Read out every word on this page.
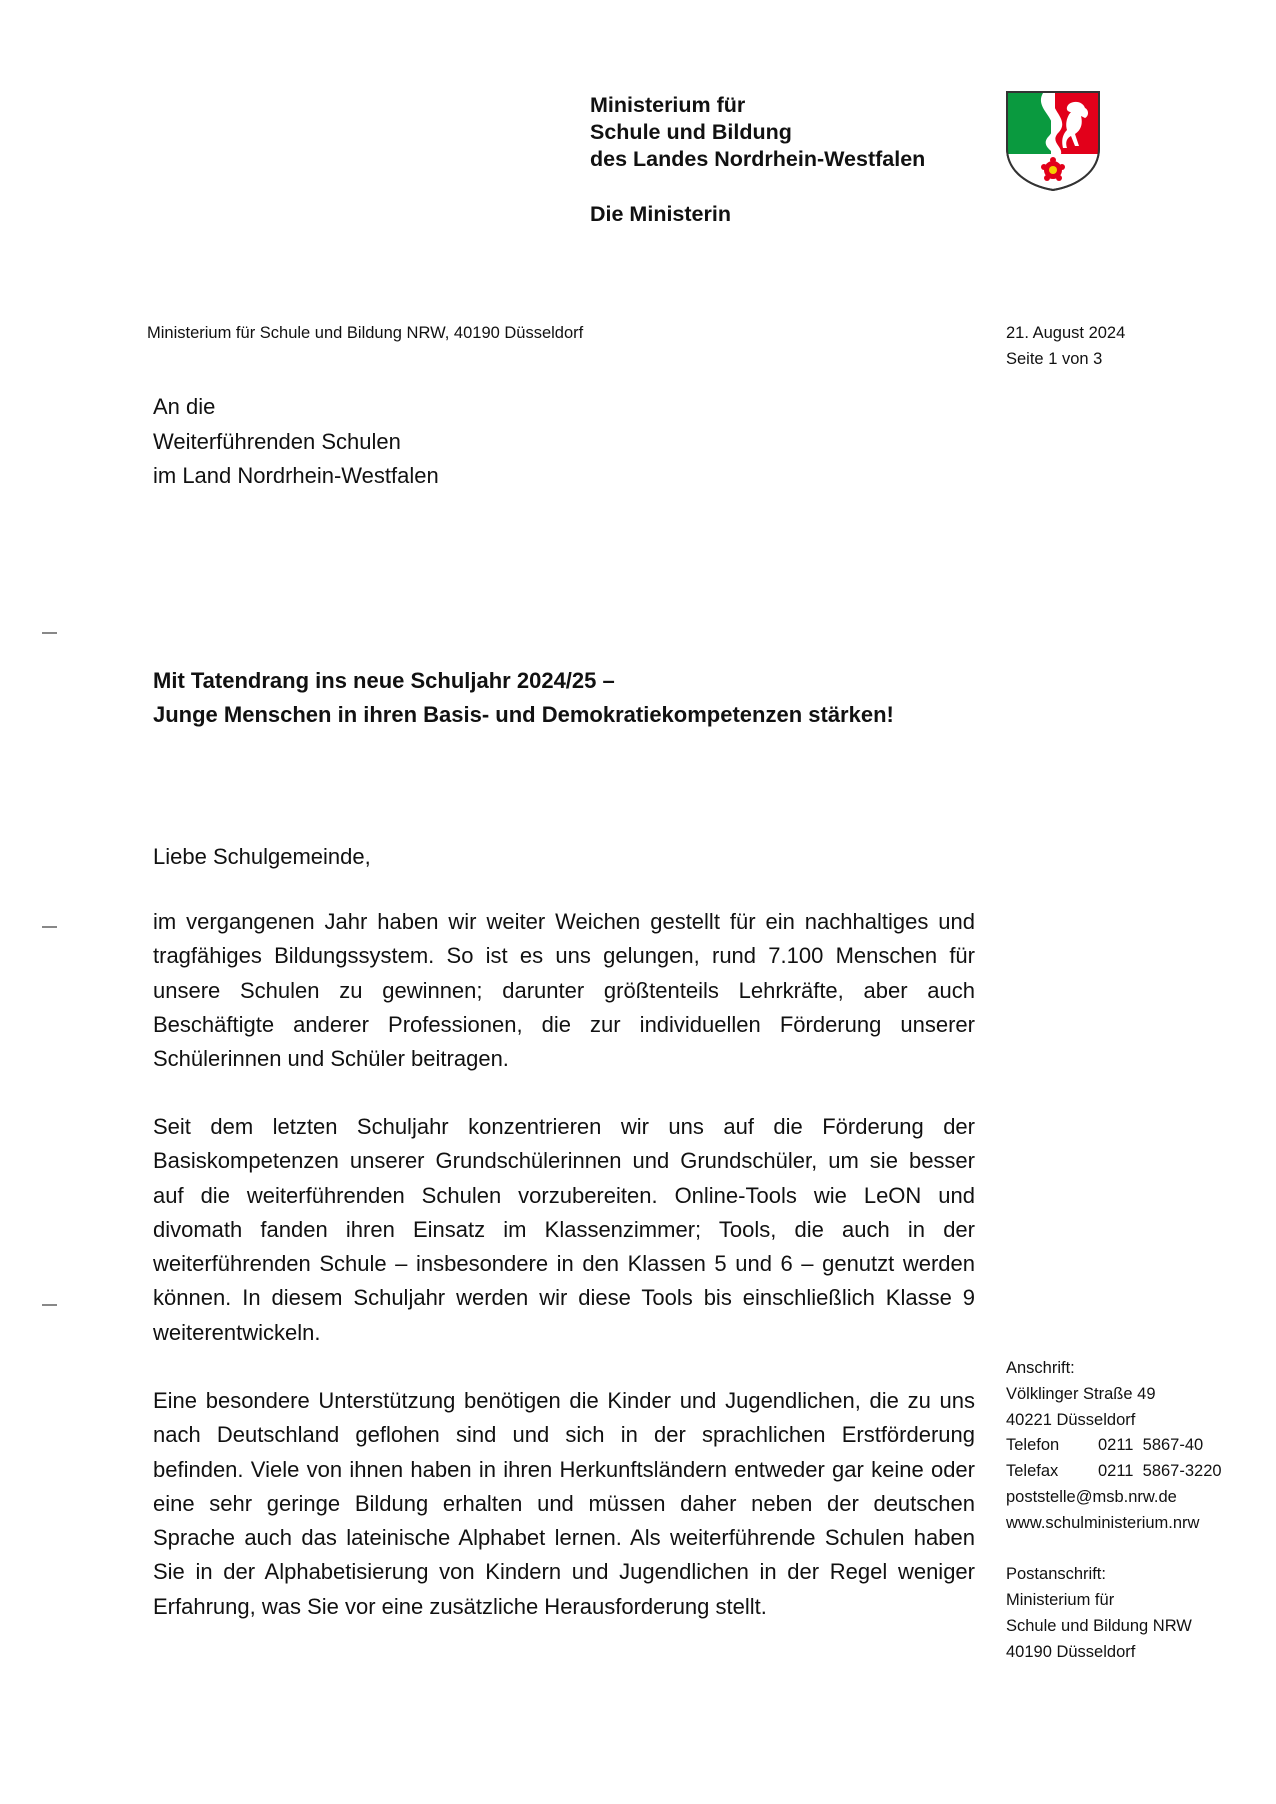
Ministerium für
Schule und Bildung
des Landes Nordrhein-Westfalen
Die Ministerin
Ministerium für Schule und Bildung NRW, 40190 Düsseldorf	21. August 2024
Seite 1 von 3
An die
Weiterführenden Schulen
im Land Nordrhein-Westfalen
Mit Tatendrang ins neue Schuljahr 2024/25 –
Junge Menschen in ihren Basis- und Demokratiekompetenzen stärken!
Liebe Schulgemeinde,
im vergangenen Jahr haben wir weiter Weichen gestellt für ein nachhaltiges und tragfähiges Bildungssystem. So ist es uns gelungen, rund 7.100 Menschen für unsere Schulen zu gewinnen; darunter größtenteils Lehrkräfte, aber auch Beschäftigte anderer Professionen, die zur individuellen Förderung unserer Schülerinnen und Schüler beitragen.
Seit dem letzten Schuljahr konzentrieren wir uns auf die Förderung der Basiskompetenzen unserer Grundschülerinnen und Grundschüler, um sie besser auf die weiterführenden Schulen vorzubereiten. Online-Tools wie LeON und divomath fanden ihren Einsatz im Klassenzimmer; Tools, die auch in der weiterführenden Schule – insbesondere in den Klassen 5 und 6 – genutzt werden können. In diesem Schuljahr werden wir diese Tools bis einschließlich Klasse 9 weiterentwickeln.
Eine besondere Unterstützung benötigen die Kinder und Jugendlichen, die zu uns nach Deutschland geflohen sind und sich in der sprachlichen Erstförderung befinden. Viele von ihnen haben in ihren Herkunftsländern entweder gar keine oder eine sehr geringe Bildung erhalten und müssen daher neben der deutschen Sprache auch das lateinische Alphabet lernen. Als weiterführende Schulen haben Sie in der Alphabetisierung von Kindern und Jugendlichen in der Regel weniger Erfahrung, was Sie vor eine zusätzliche Herausforderung stellt.
Anschrift:
Völklinger Straße 49
40221 Düsseldorf
Telefon 0211  5867-40
Telefax 0211  5867-3220
poststelle@msb.nrw.de
www.schulministerium.nrw
Postanschrift:
Ministerium für
Schule und Bildung NRW
40190 Düsseldorf
